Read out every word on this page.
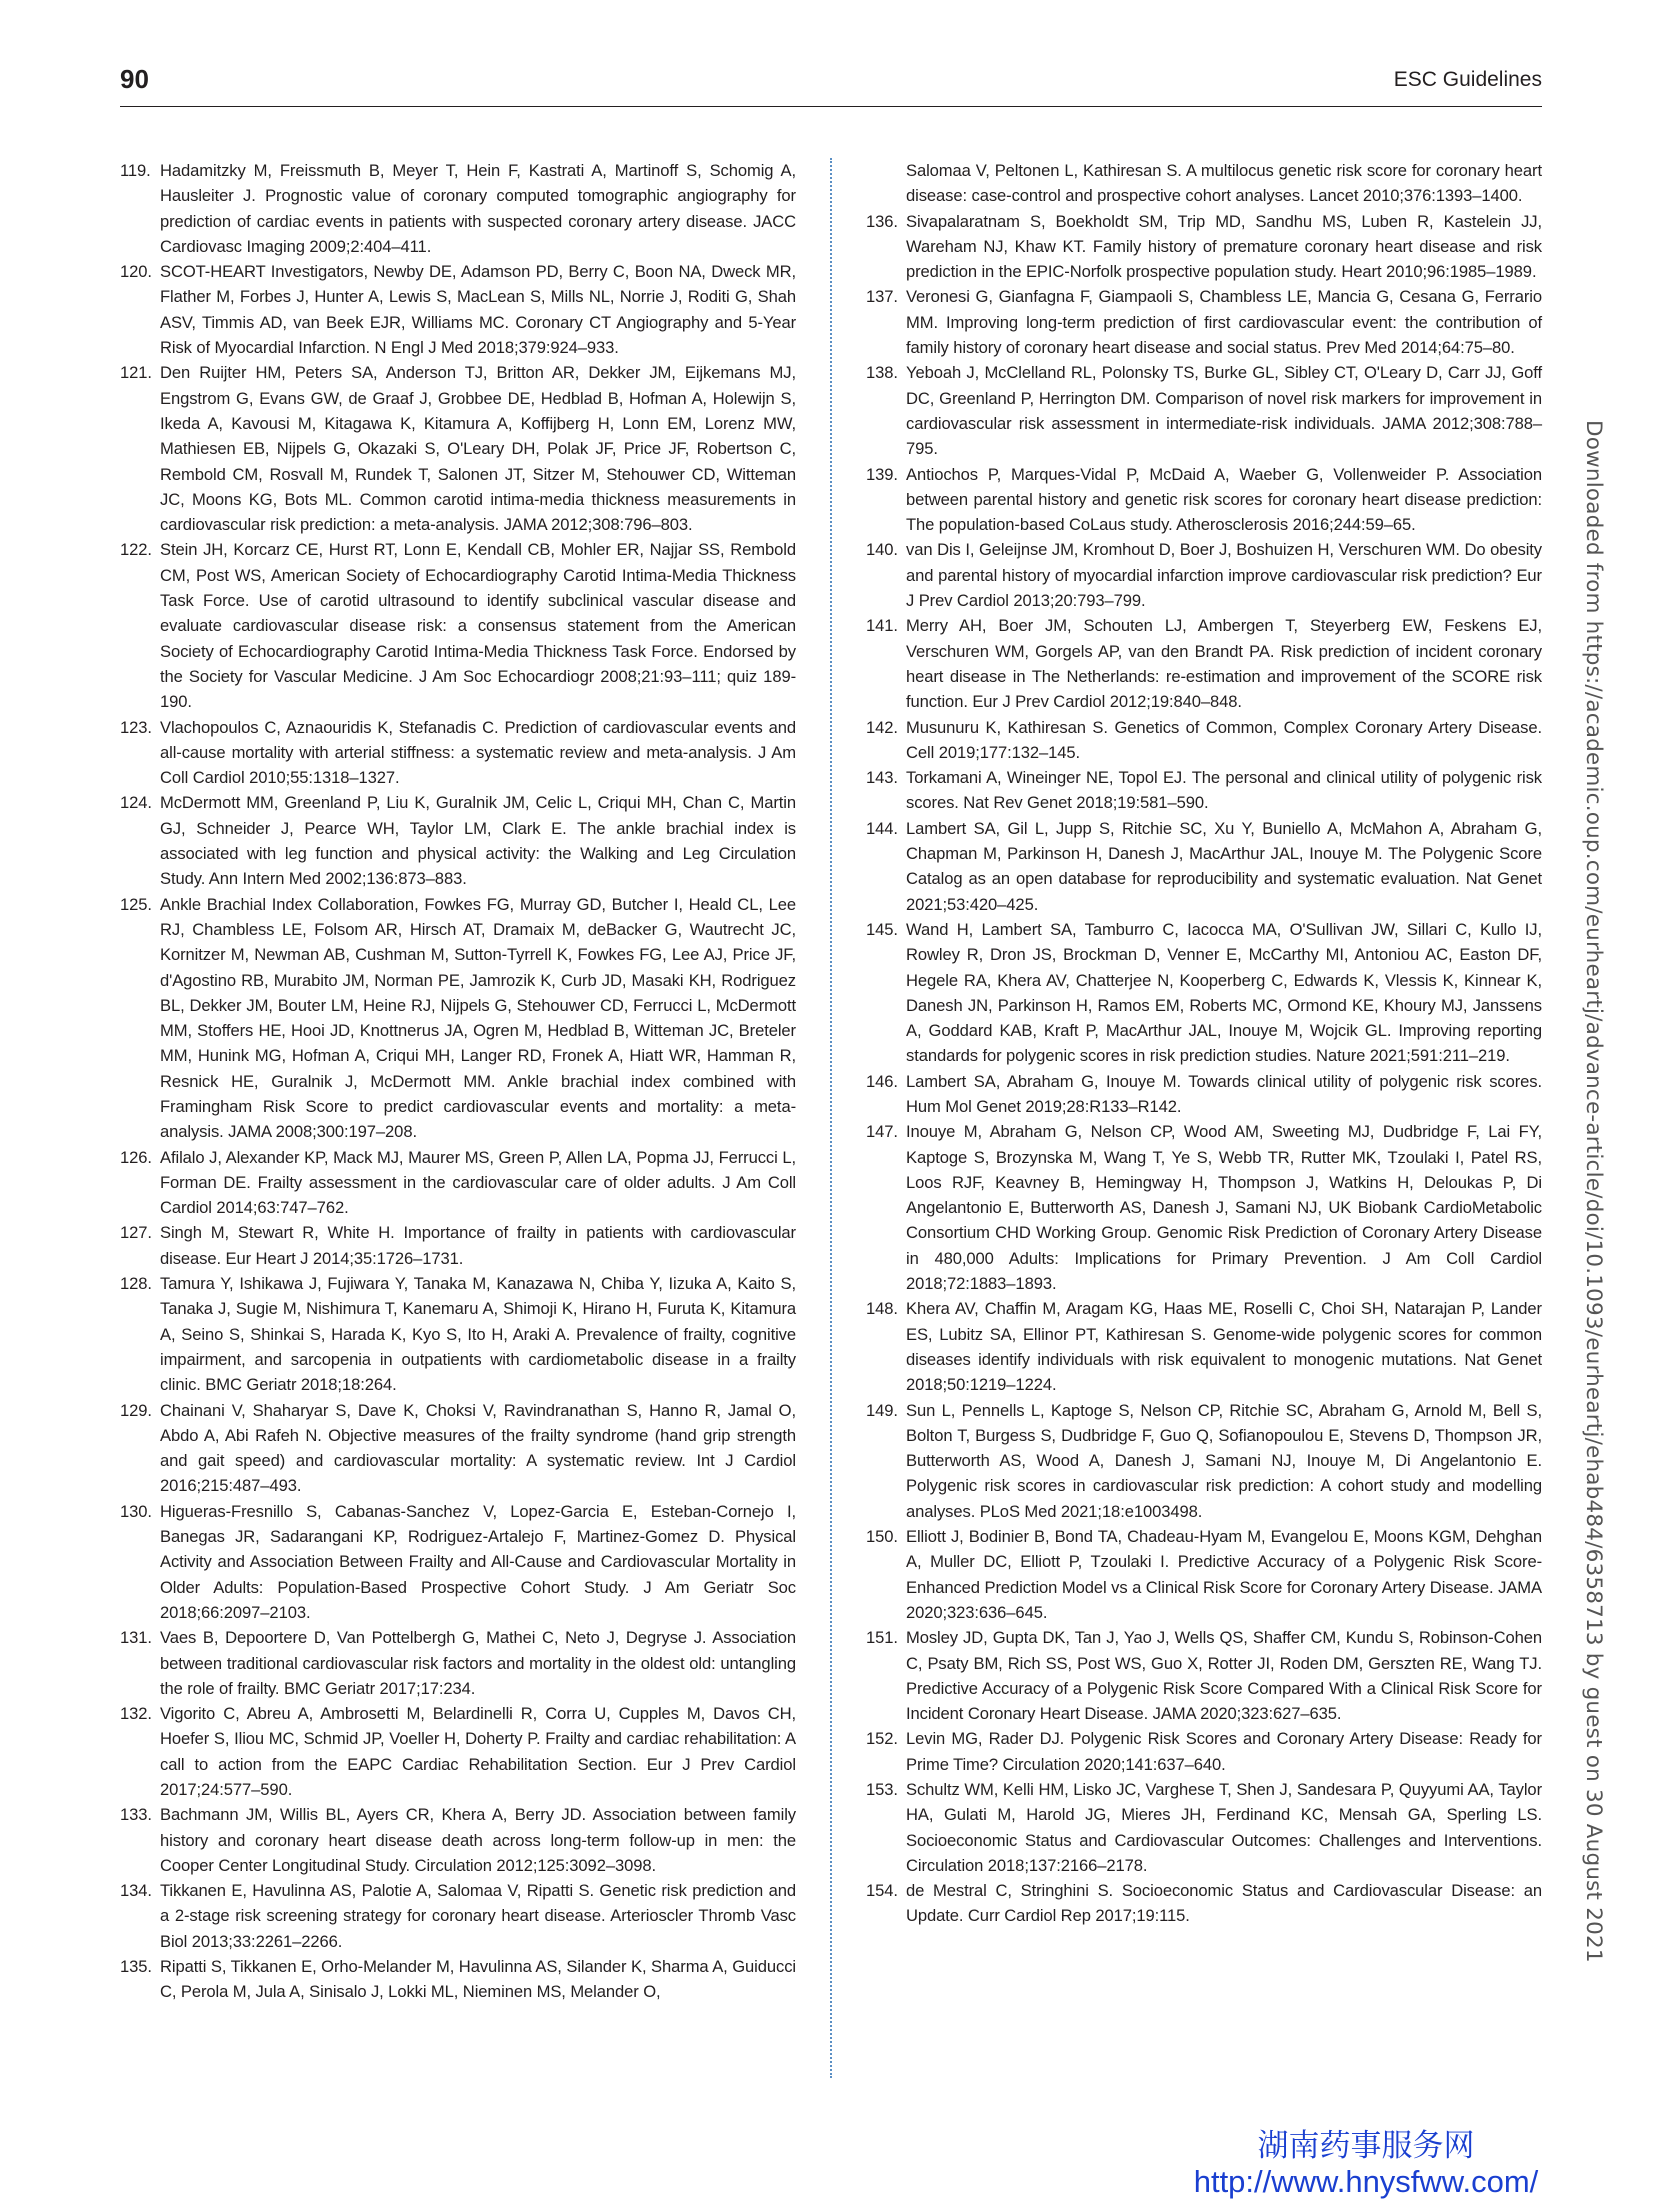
90	ESC Guidelines
119. Hadamitzky M, Freissmuth B, Meyer T, Hein F, Kastrati A, Martinoff S, Schomig A, Hausleiter J. Prognostic value of coronary computed tomographic angiography for prediction of cardiac events in patients with suspected coronary artery disease. JACC Cardiovasc Imaging 2009;2:404–411.
120. SCOT-HEART Investigators, Newby DE, Adamson PD, Berry C, Boon NA, Dweck MR, Flather M, Forbes J, Hunter A, Lewis S, MacLean S, Mills NL, Norrie J, Roditi G, Shah ASV, Timmis AD, van Beek EJR, Williams MC. Coronary CT Angiography and 5-Year Risk of Myocardial Infarction. N Engl J Med 2018;379:924–933.
121. Den Ruijter HM, Peters SA, Anderson TJ, Britton AR, Dekker JM, Eijkemans MJ, Engstrom G, Evans GW, de Graaf J, Grobbee DE, Hedblad B, Hofman A, Holewijn S, Ikeda A, Kavousi M, Kitagawa K, Kitamura A, Koffijberg H, Lonn EM, Lorenz MW, Mathiesen EB, Nijpels G, Okazaki S, O'Leary DH, Polak JF, Price JF, Robertson C, Rembold CM, Rosvall M, Rundek T, Salonen JT, Sitzer M, Stehouwer CD, Witteman JC, Moons KG, Bots ML. Common carotid intima-media thickness measurements in cardiovascular risk prediction: a meta-analysis. JAMA 2012;308:796–803.
122. Stein JH, Korcarz CE, Hurst RT, Lonn E, Kendall CB, Mohler ER, Najjar SS, Rembold CM, Post WS, American Society of Echocardiography Carotid Intima-Media Thickness Task Force. Use of carotid ultrasound to identify subclinical vascular disease and evaluate cardiovascular disease risk: a consensus statement from the American Society of Echocardiography Carotid Intima-Media Thickness Task Force. Endorsed by the Society for Vascular Medicine. J Am Soc Echocardiogr 2008;21:93–111; quiz 189-190.
123. Vlachopoulos C, Aznaouridis K, Stefanadis C. Prediction of cardiovascular events and all-cause mortality with arterial stiffness: a systematic review and meta-analysis. J Am Coll Cardiol 2010;55:1318–1327.
124. McDermott MM, Greenland P, Liu K, Guralnik JM, Celic L, Criqui MH, Chan C, Martin GJ, Schneider J, Pearce WH, Taylor LM, Clark E. The ankle brachial index is associated with leg function and physical activity: the Walking and Leg Circulation Study. Ann Intern Med 2002;136:873–883.
125. Ankle Brachial Index Collaboration, Fowkes FG, Murray GD, Butcher I, Heald CL, Lee RJ, Chambless LE, Folsom AR, Hirsch AT, Dramaix M, deBacker G, Wautrecht JC, Kornitzer M, Newman AB, Cushman M, Sutton-Tyrrell K, Fowkes FG, Lee AJ, Price JF, d'Agostino RB, Murabito JM, Norman PE, Jamrozik K, Curb JD, Masaki KH, Rodriguez BL, Dekker JM, Bouter LM, Heine RJ, Nijpels G, Stehouwer CD, Ferrucci L, McDermott MM, Stoffers HE, Hooi JD, Knottnerus JA, Ogren M, Hedblad B, Witteman JC, Breteler MM, Hunink MG, Hofman A, Criqui MH, Langer RD, Fronek A, Hiatt WR, Hamman R, Resnick HE, Guralnik J, McDermott MM. Ankle brachial index combined with Framingham Risk Score to predict cardiovascular events and mortality: a meta-analysis. JAMA 2008;300:197–208.
126. Afilalo J, Alexander KP, Mack MJ, Maurer MS, Green P, Allen LA, Popma JJ, Ferrucci L, Forman DE. Frailty assessment in the cardiovascular care of older adults. J Am Coll Cardiol 2014;63:747–762.
127. Singh M, Stewart R, White H. Importance of frailty in patients with cardiovascular disease. Eur Heart J 2014;35:1726–1731.
128. Tamura Y, Ishikawa J, Fujiwara Y, Tanaka M, Kanazawa N, Chiba Y, Iizuka A, Kaito S, Tanaka J, Sugie M, Nishimura T, Kanemaru A, Shimoji K, Hirano H, Furuta K, Kitamura A, Seino S, Shinkai S, Harada K, Kyo S, Ito H, Araki A. Prevalence of frailty, cognitive impairment, and sarcopenia in outpatients with cardiometabolic disease in a frailty clinic. BMC Geriatr 2018;18:264.
129. Chainani V, Shaharyar S, Dave K, Choksi V, Ravindranathan S, Hanno R, Jamal O, Abdo A, Abi Rafeh N. Objective measures of the frailty syndrome (hand grip strength and gait speed) and cardiovascular mortality: A systematic review. Int J Cardiol 2016;215:487–493.
130. Higueras-Fresnillo S, Cabanas-Sanchez V, Lopez-Garcia E, Esteban-Cornejo I, Banegas JR, Sadarangani KP, Rodriguez-Artalejo F, Martinez-Gomez D. Physical Activity and Association Between Frailty and All-Cause and Cardiovascular Mortality in Older Adults: Population-Based Prospective Cohort Study. J Am Geriatr Soc 2018;66:2097–2103.
131. Vaes B, Depoortere D, Van Pottelbergh G, Mathei C, Neto J, Degryse J. Association between traditional cardiovascular risk factors and mortality in the oldest old: untangling the role of frailty. BMC Geriatr 2017;17:234.
132. Vigorito C, Abreu A, Ambrosetti M, Belardinelli R, Corra U, Cupples M, Davos CH, Hoefer S, Iliou MC, Schmid JP, Voeller H, Doherty P. Frailty and cardiac rehabilitation: A call to action from the EAPC Cardiac Rehabilitation Section. Eur J Prev Cardiol 2017;24:577–590.
133. Bachmann JM, Willis BL, Ayers CR, Khera A, Berry JD. Association between family history and coronary heart disease death across long-term follow-up in men: the Cooper Center Longitudinal Study. Circulation 2012;125:3092–3098.
134. Tikkanen E, Havulinna AS, Palotie A, Salomaa V, Ripatti S. Genetic risk prediction and a 2-stage risk screening strategy for coronary heart disease. Arterioscler Thromb Vasc Biol 2013;33:2261–2266.
135. Ripatti S, Tikkanen E, Orho-Melander M, Havulinna AS, Silander K, Sharma A, Guiducci C, Perola M, Jula A, Sinisalo J, Lokki ML, Nieminen MS, Melander O,
Salomaa V, Peltonen L, Kathiresan S. A multilocus genetic risk score for coronary heart disease: case-control and prospective cohort analyses. Lancet 2010;376:1393–1400.
136. Sivapalaratnam S, Boekholdt SM, Trip MD, Sandhu MS, Luben R, Kastelein JJ, Wareham NJ, Khaw KT. Family history of premature coronary heart disease and risk prediction in the EPIC-Norfolk prospective population study. Heart 2010;96:1985–1989.
137. Veronesi G, Gianfagna F, Giampaoli S, Chambless LE, Mancia G, Cesana G, Ferrario MM. Improving long-term prediction of first cardiovascular event: the contribution of family history of coronary heart disease and social status. Prev Med 2014;64:75–80.
138. Yeboah J, McClelland RL, Polonsky TS, Burke GL, Sibley CT, O'Leary D, Carr JJ, Goff DC, Greenland P, Herrington DM. Comparison of novel risk markers for improvement in cardiovascular risk assessment in intermediate-risk individuals. JAMA 2012;308:788–795.
139. Antiochos P, Marques-Vidal P, McDaid A, Waeber G, Vollenweider P. Association between parental history and genetic risk scores for coronary heart disease prediction: The population-based CoLaus study. Atherosclerosis 2016;244:59–65.
140. van Dis I, Geleijnse JM, Kromhout D, Boer J, Boshuizen H, Verschuren WM. Do obesity and parental history of myocardial infarction improve cardiovascular risk prediction? Eur J Prev Cardiol 2013;20:793–799.
141. Merry AH, Boer JM, Schouten LJ, Ambergen T, Steyerberg EW, Feskens EJ, Verschuren WM, Gorgels AP, van den Brandt PA. Risk prediction of incident coronary heart disease in The Netherlands: re-estimation and improvement of the SCORE risk function. Eur J Prev Cardiol 2012;19:840–848.
142. Musunuru K, Kathiresan S. Genetics of Common, Complex Coronary Artery Disease. Cell 2019;177:132–145.
143. Torkamani A, Wineinger NE, Topol EJ. The personal and clinical utility of polygenic risk scores. Nat Rev Genet 2018;19:581–590.
144. Lambert SA, Gil L, Jupp S, Ritchie SC, Xu Y, Buniello A, McMahon A, Abraham G, Chapman M, Parkinson H, Danesh J, MacArthur JAL, Inouye M. The Polygenic Score Catalog as an open database for reproducibility and systematic evaluation. Nat Genet 2021;53:420–425.
145. Wand H, Lambert SA, Tamburro C, Iacocca MA, O'Sullivan JW, Sillari C, Kullo IJ, Rowley R, Dron JS, Brockman D, Venner E, McCarthy MI, Antoniou AC, Easton DF, Hegele RA, Khera AV, Chatterjee N, Kooperberg C, Edwards K, Vlessis K, Kinnear K, Danesh JN, Parkinson H, Ramos EM, Roberts MC, Ormond KE, Khoury MJ, Janssens A, Goddard KAB, Kraft P, MacArthur JAL, Inouye M, Wojcik GL. Improving reporting standards for polygenic scores in risk prediction studies. Nature 2021;591:211–219.
146. Lambert SA, Abraham G, Inouye M. Towards clinical utility of polygenic risk scores. Hum Mol Genet 2019;28:R133–R142.
147. Inouye M, Abraham G, Nelson CP, Wood AM, Sweeting MJ, Dudbridge F, Lai FY, Kaptoge S, Brozynska M, Wang T, Ye S, Webb TR, Rutter MK, Tzoulaki I, Patel RS, Loos RJF, Keavney B, Hemingway H, Thompson J, Watkins H, Deloukas P, Di Angelantonio E, Butterworth AS, Danesh J, Samani NJ, UK Biobank CardioMetabolic Consortium CHD Working Group. Genomic Risk Prediction of Coronary Artery Disease in 480,000 Adults: Implications for Primary Prevention. J Am Coll Cardiol 2018;72:1883–1893.
148. Khera AV, Chaffin M, Aragam KG, Haas ME, Roselli C, Choi SH, Natarajan P, Lander ES, Lubitz SA, Ellinor PT, Kathiresan S. Genome-wide polygenic scores for common diseases identify individuals with risk equivalent to monogenic mutations. Nat Genet 2018;50:1219–1224.
149. Sun L, Pennells L, Kaptoge S, Nelson CP, Ritchie SC, Abraham G, Arnold M, Bell S, Bolton T, Burgess S, Dudbridge F, Guo Q, Sofianopoulou E, Stevens D, Thompson JR, Butterworth AS, Wood A, Danesh J, Samani NJ, Inouye M, Di Angelantonio E. Polygenic risk scores in cardiovascular risk prediction: A cohort study and modelling analyses. PLoS Med 2021;18:e1003498.
150. Elliott J, Bodinier B, Bond TA, Chadeau-Hyam M, Evangelou E, Moons KGM, Dehghan A, Muller DC, Elliott P, Tzoulaki I. Predictive Accuracy of a Polygenic Risk Score-Enhanced Prediction Model vs a Clinical Risk Score for Coronary Artery Disease. JAMA 2020;323:636–645.
151. Mosley JD, Gupta DK, Tan J, Yao J, Wells QS, Shaffer CM, Kundu S, Robinson-Cohen C, Psaty BM, Rich SS, Post WS, Guo X, Rotter JI, Roden DM, Gerszten RE, Wang TJ. Predictive Accuracy of a Polygenic Risk Score Compared With a Clinical Risk Score for Incident Coronary Heart Disease. JAMA 2020;323:627–635.
152. Levin MG, Rader DJ. Polygenic Risk Scores and Coronary Artery Disease: Ready for Prime Time? Circulation 2020;141:637–640.
153. Schultz WM, Kelli HM, Lisko JC, Varghese T, Shen J, Sandesara P, Quyyumi AA, Taylor HA, Gulati M, Harold JG, Mieres JH, Ferdinand KC, Mensah GA, Sperling LS. Socioeconomic Status and Cardiovascular Outcomes: Challenges and Interventions. Circulation 2018;137:2166–2178.
154. de Mestral C, Stringhini S. Socioeconomic Status and Cardiovascular Disease: an Update. Curr Cardiol Rep 2017;19:115.	Downloaded from https://academic.oup.com/eurheartj/advance-article/doi/10.1093/eurheartj/ehab484/6358713 by guest on 30 August 2021
湖南药事服务网
http://www.hnysfww.com/
